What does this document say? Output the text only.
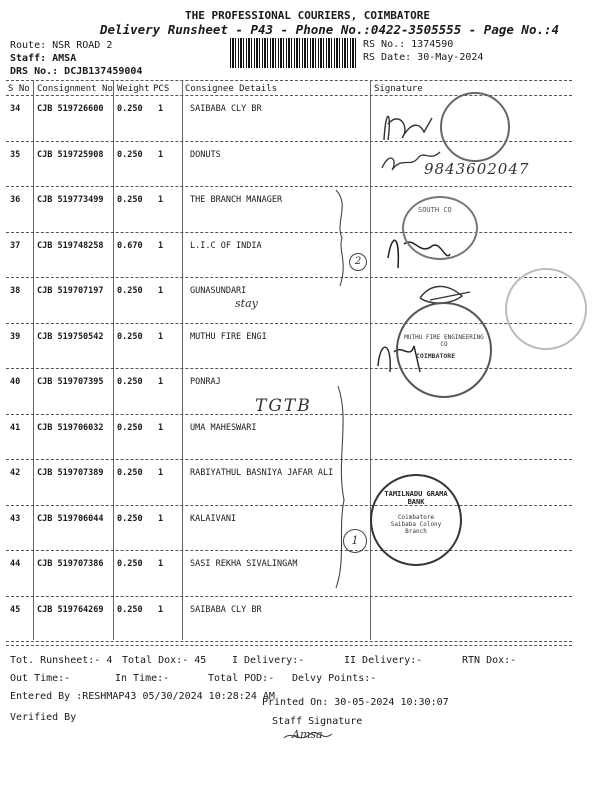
THE PROFESSIONAL COURIERS, COIMBATORE
Delivery Runsheet - P43 - Phone No.:0422-3505555 - Page No.:4
Route: NSR ROAD 2
Staff: AMSA
DRS No.: DCJB137459004
RS No.: 1374590
RS Date: 30-May-2024
S No Consignment No Weight PCS Consignee Details	Signature
34 CJB 519726600 0.250 1	SAIBABA CLY BR
35 CJB 519725908 0.250 1	DONUTS
36 CJB 519773499 0.250 1	THE BRANCH MANAGER
37 CJB 519748258 0.670 1	L.I.C OF INDIA
38 CJB 519707197 0.250 1	GUNASUNDARI
39 CJB 519750542 0.250 1	MUTHU FIRE ENGI
40 CJB 519707395 0.250 1	PONRAJ
41 CJB 519706032 0.250 1	UMA MAHESWARI
42 CJB 519707389 0.250 1	RABIYATHUL BASNIYA JAFAR ALI
43 CJB 519706044 0.250 1	KALAIVANI
44 CJB 519707386 0.250 1	SASI REKHA SIVALINGAM
45 CJB 519764269 0.250 1	SAIBABA CLY BR
9843602047
stay
TGTB
2
1
Amsa
SOUTH CO
MUTHU FIRE ENGINEERING CO
COIMBATORE
TAMILNADU GRAMA BANK
Coimbatore Saibaba Colony Branch
Tot. Runsheet:- 4 Total Dox:- 45	I Delivery:-	II Delivery:-	RTN Dox:-
Out Time:-	In Time:-	Total POD:- Delvy Points:-
Entered By :RESHMAP43 05/30/2024 10:28:24 AM
Printed On: 30-05-2024 10:30:07
Verified By	Staff Signature
